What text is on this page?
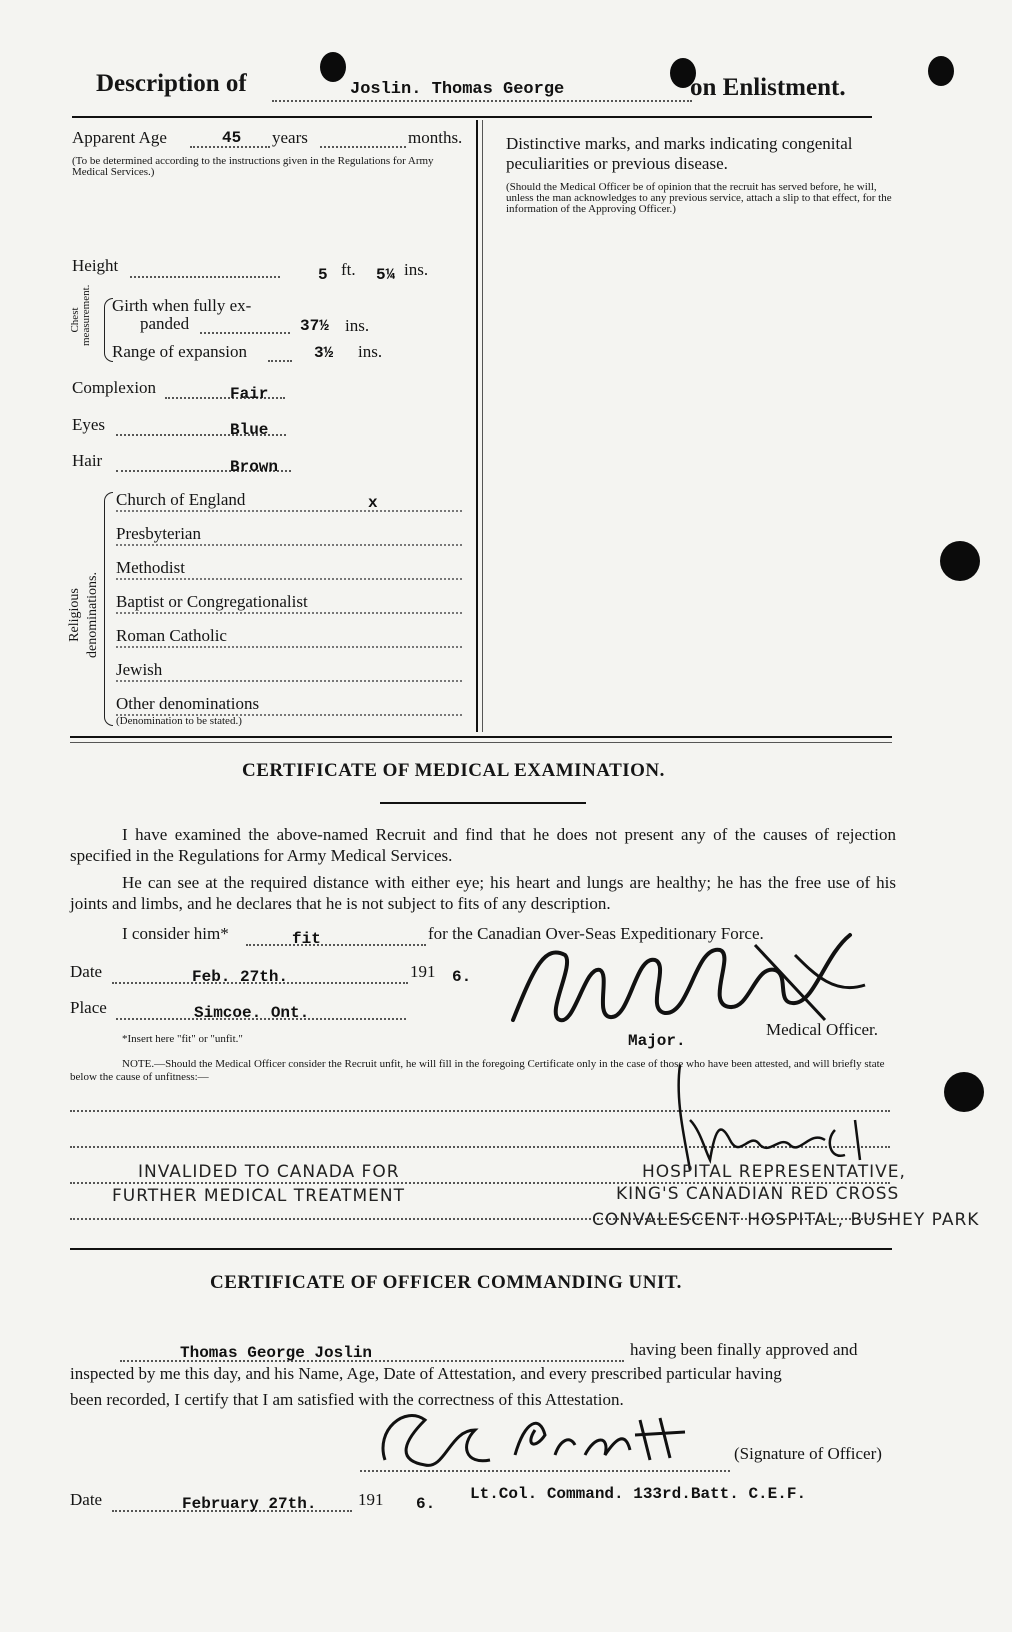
Description of	Joslin. Thomas George	on Enlistment.
Apparent Age	45 years	months.
(To be determined according to the instructions given in the Regulations for Army Medical Services.)
Height	5 ft. 5¼ ins.
Chest measurement. Girth when fully ex-
panded	37½ ins.
Range of expansion	3½ ins.
Complexion	Fair
Eyes	Blue
Hair	Brown
Religious denominations.
Church of England	x
Presbyterian
Methodist
Baptist or Congregationalist
Roman Catholic
Jewish
Other denominations
(Denomination to be stated.)
Distinctive marks, and marks indicating congenital peculiarities or previous disease.
(Should the Medical Officer be of opinion that the recruit has served before, he will, unless the man acknowledges to any previous service, attach a slip to that effect, for the information of the Approving Officer.)
CERTIFICATE OF MEDICAL EXAMINATION.
I have examined the above-named Recruit and find that he does not present any of the causes of rejection specified in the Regulations for Army Medical Services.
He can see at the required distance with either eye; his heart and lungs are healthy; he has the free use of his joints and limbs, and he declares that he is not subject to fits of any description.
I consider him*	fit	for the Canadian Over-Seas Expeditionary Force.
Date	Feb. 27th.	191 6.
Place	Simcoe. Ont.
*Insert here "fit" or "unfit."	Major.
Medical Officer.
NOTE.—Should the Medical Officer consider the Recruit unfit, he will fill in the foregoing Certificate only in the case of those who have been attested, and will briefly state below the cause of unfitness:—
INVALIDED TO CANADA FOR
FURTHER MEDICAL TREATMENT
HOSPITAL REPRESENTATIVE,
KING'S CANADIAN RED CROSS
CONVALESCENT HOSPITAL, BUSHEY PARK
CERTIFICATE OF OFFICER COMMANDING UNIT.
Thomas George Joslin	having been finally approved and
inspected by me this day, and his Name, Age, Date of Attestation, and every prescribed particular having
been recorded, I certify that I am satisfied with the correctness of this Attestation.
(Signature of Officer)
Date	February 27th. 191 6.
Lt.Col. Command. 133rd.Batt. C.E.F.
